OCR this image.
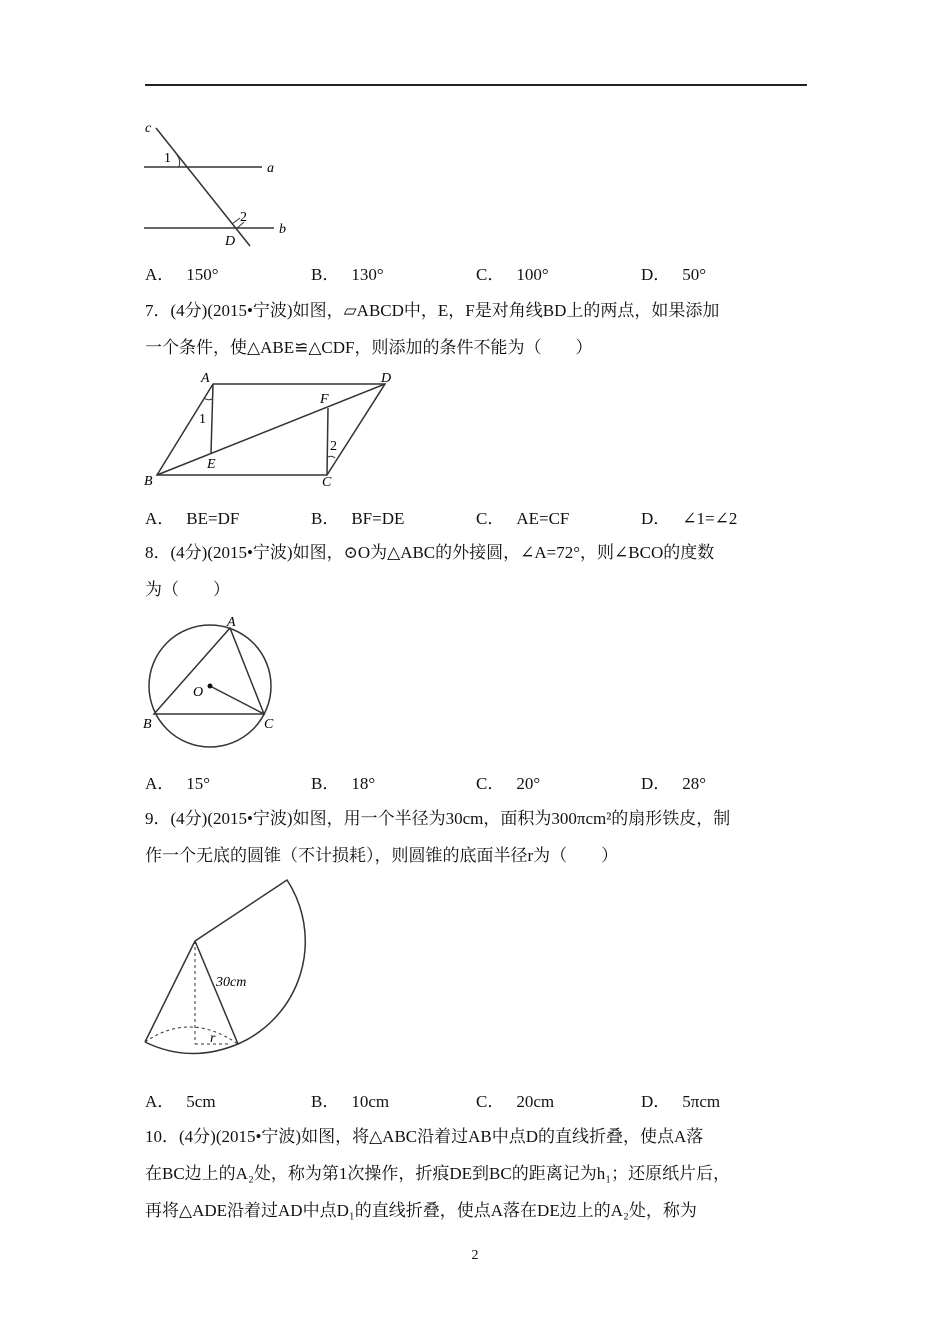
c
1
a
2
b
D
A． 150°	B． 130°	C． 100°	D． 50°
7．(4分)(2015•宁波)如图，▱ABCD中，E，F是对角线BD上的两点，如果添加
一个条件，使△ABE≌△CDF，则添加的条件不能为（　　）
A	D
F
1
2
E
B	C
A． BE=DF	B． BF=DE	C． AE=CF	D． ∠1=∠2
8．(4分)(2015•宁波)如图，⊙O为△ABC的外接圆，∠A=72°，则∠BCO的度数
为（　　）
A
O
B	C
A． 15°	B． 18°	C． 20°	D． 28°
9．(4分)(2015•宁波)如图，用一个半径为30cm，面积为300πcm²的扇形铁皮，制
作一个无底的圆锥（不计损耗），则圆锥的底面半径r为（　　）
30cm
r
A． 5cm	B． 10cm	C． 20cm	D． 5πcm
10．(4分)(2015•宁波)如图，将△ABC沿着过AB中点D的直线折叠，使点A落
在BC边上的A₂处，称为第1次操作，折痕DE到BC的距离记为h₁；还原纸片后，
再将△ADE沿着过AD中点D₁的直线折叠，使点A落在DE边上的A₂处，称为
2
